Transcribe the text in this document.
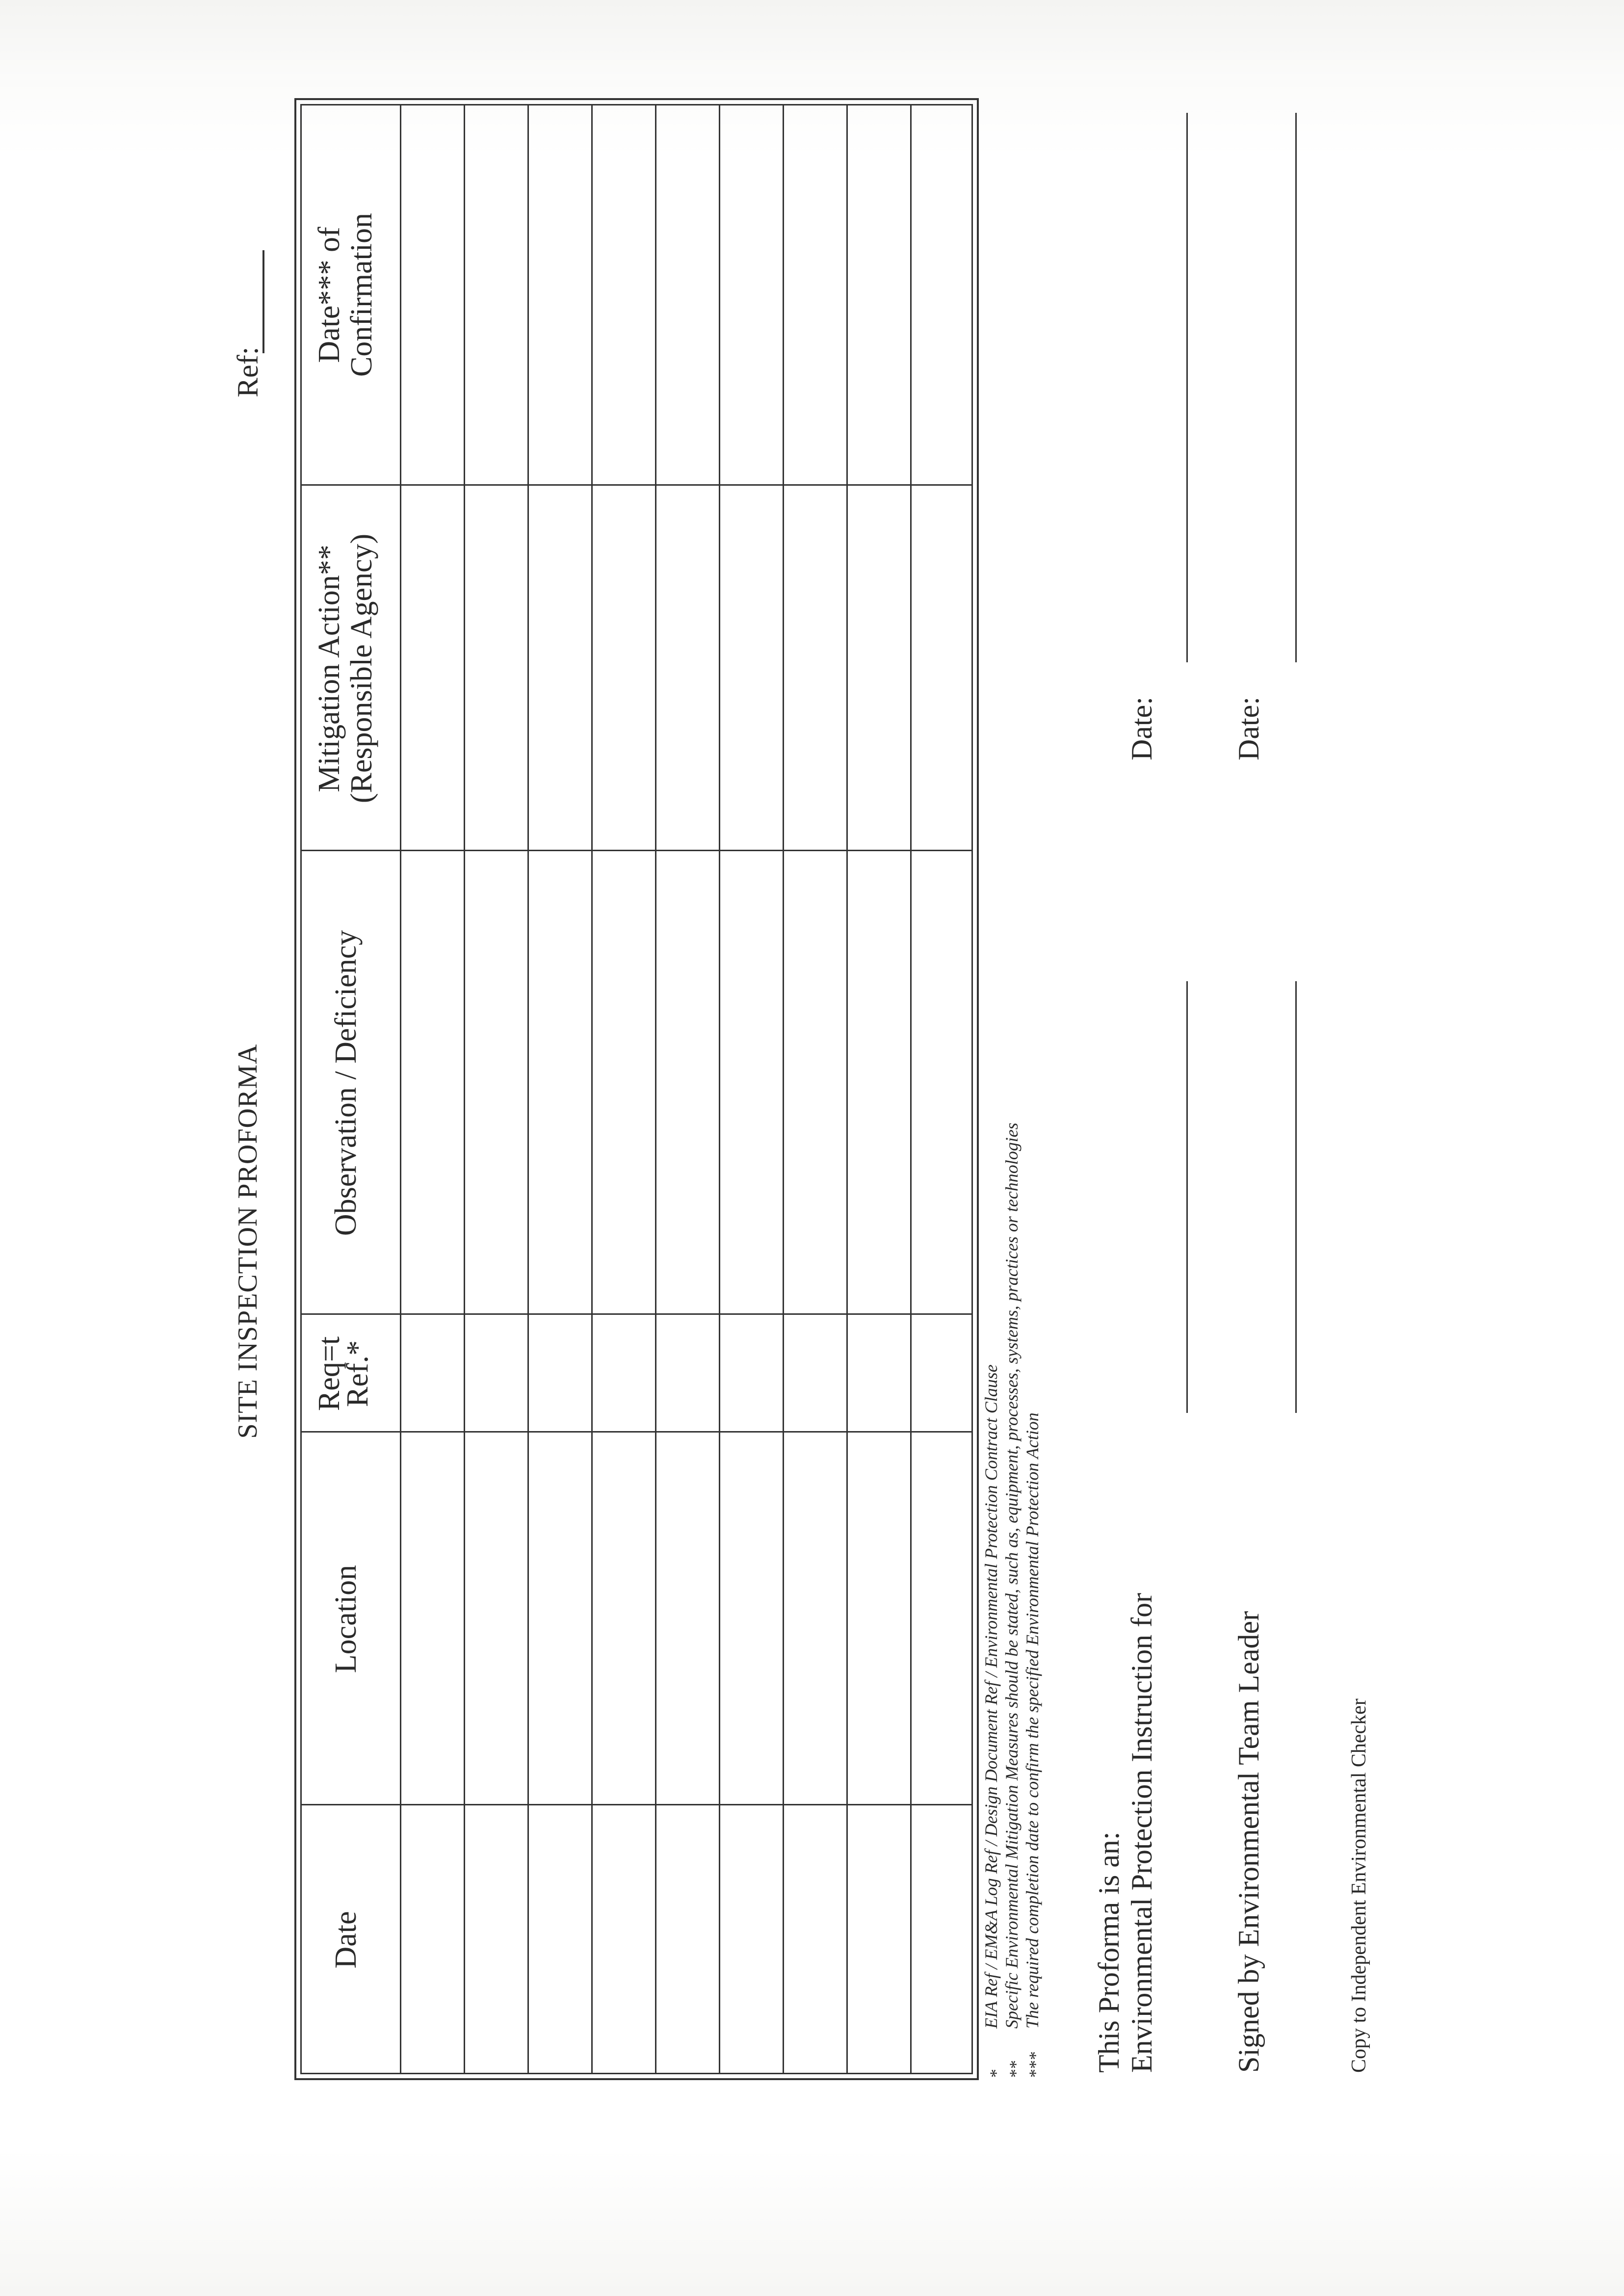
SITE INSPECTION PROFORMA
Ref:
Date
Location
Req=t
Ref.*
Observation / Deficiency
Mitigation Action**
(Responsible Agency)
Date*** of
Confirmation
*
EIA Ref / EM&A Log Ref / Design Document Ref / Environmental Protection Contract Clause
**
Specific Environmental Mitigation Measures should be stated, such as, equipment, processes, systems, practices or technologies
***
The required completion date to confirm the specified Environmental Protection Action This Proforma is an: Environmental Protection Instruction for
Date:
Signed by Environmental Team Leader
Date:
Copy to Independent Environmental Checker
